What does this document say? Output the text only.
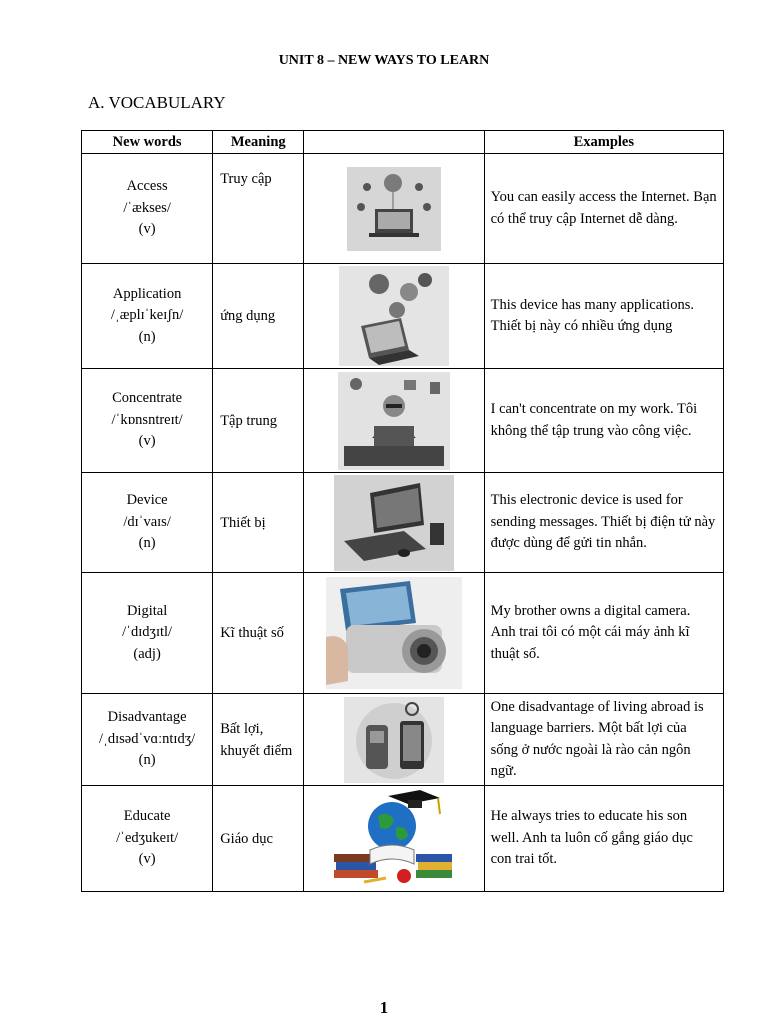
UNIT 8 – NEW WAYS TO LEARN
A. VOCABULARY
New words	Meaning		Examples

Access
/ˈækses/
(v)	Truy cập		You can easily access the Internet. Bạn có thể truy cập Internet dễ dàng.

Application
/ˌæplɪˈkeɪʃn/
(n)	ứng dụng		This device has many applications. Thiết bị này có nhiều ứng dụng

Concentrate
/ˈkɒnsntreɪt/
(v)	Tập trung		I can't concentrate on my work. Tôi không thể tập trung vào công việc.

Device
/dɪˈvaɪs/
(n)	Thiết bị		This electronic device is used for sending messages. Thiết bị điện tử này được dùng để gửi tin nhắn.

Digital
/ˈdɪdʒɪtl/
(adj)	Kĩ thuật số		My brother owns a digital camera. Anh trai tôi có một cái máy ảnh kĩ thuật số.

Disadvantage
/ˌdɪsədˈvɑːntɪdʒ/
(n)	Bất lợi, khuyết điểm		One disadvantage of living abroad is language barriers. Một bất lợi của sống ở nước ngoài là rào cản ngôn ngữ.

Educate
/ˈedʒukeɪt/
(v)	Giáo dục		He always tries to educate his son well. Anh ta luôn cố gắng giáo dục con trai tốt.
1
